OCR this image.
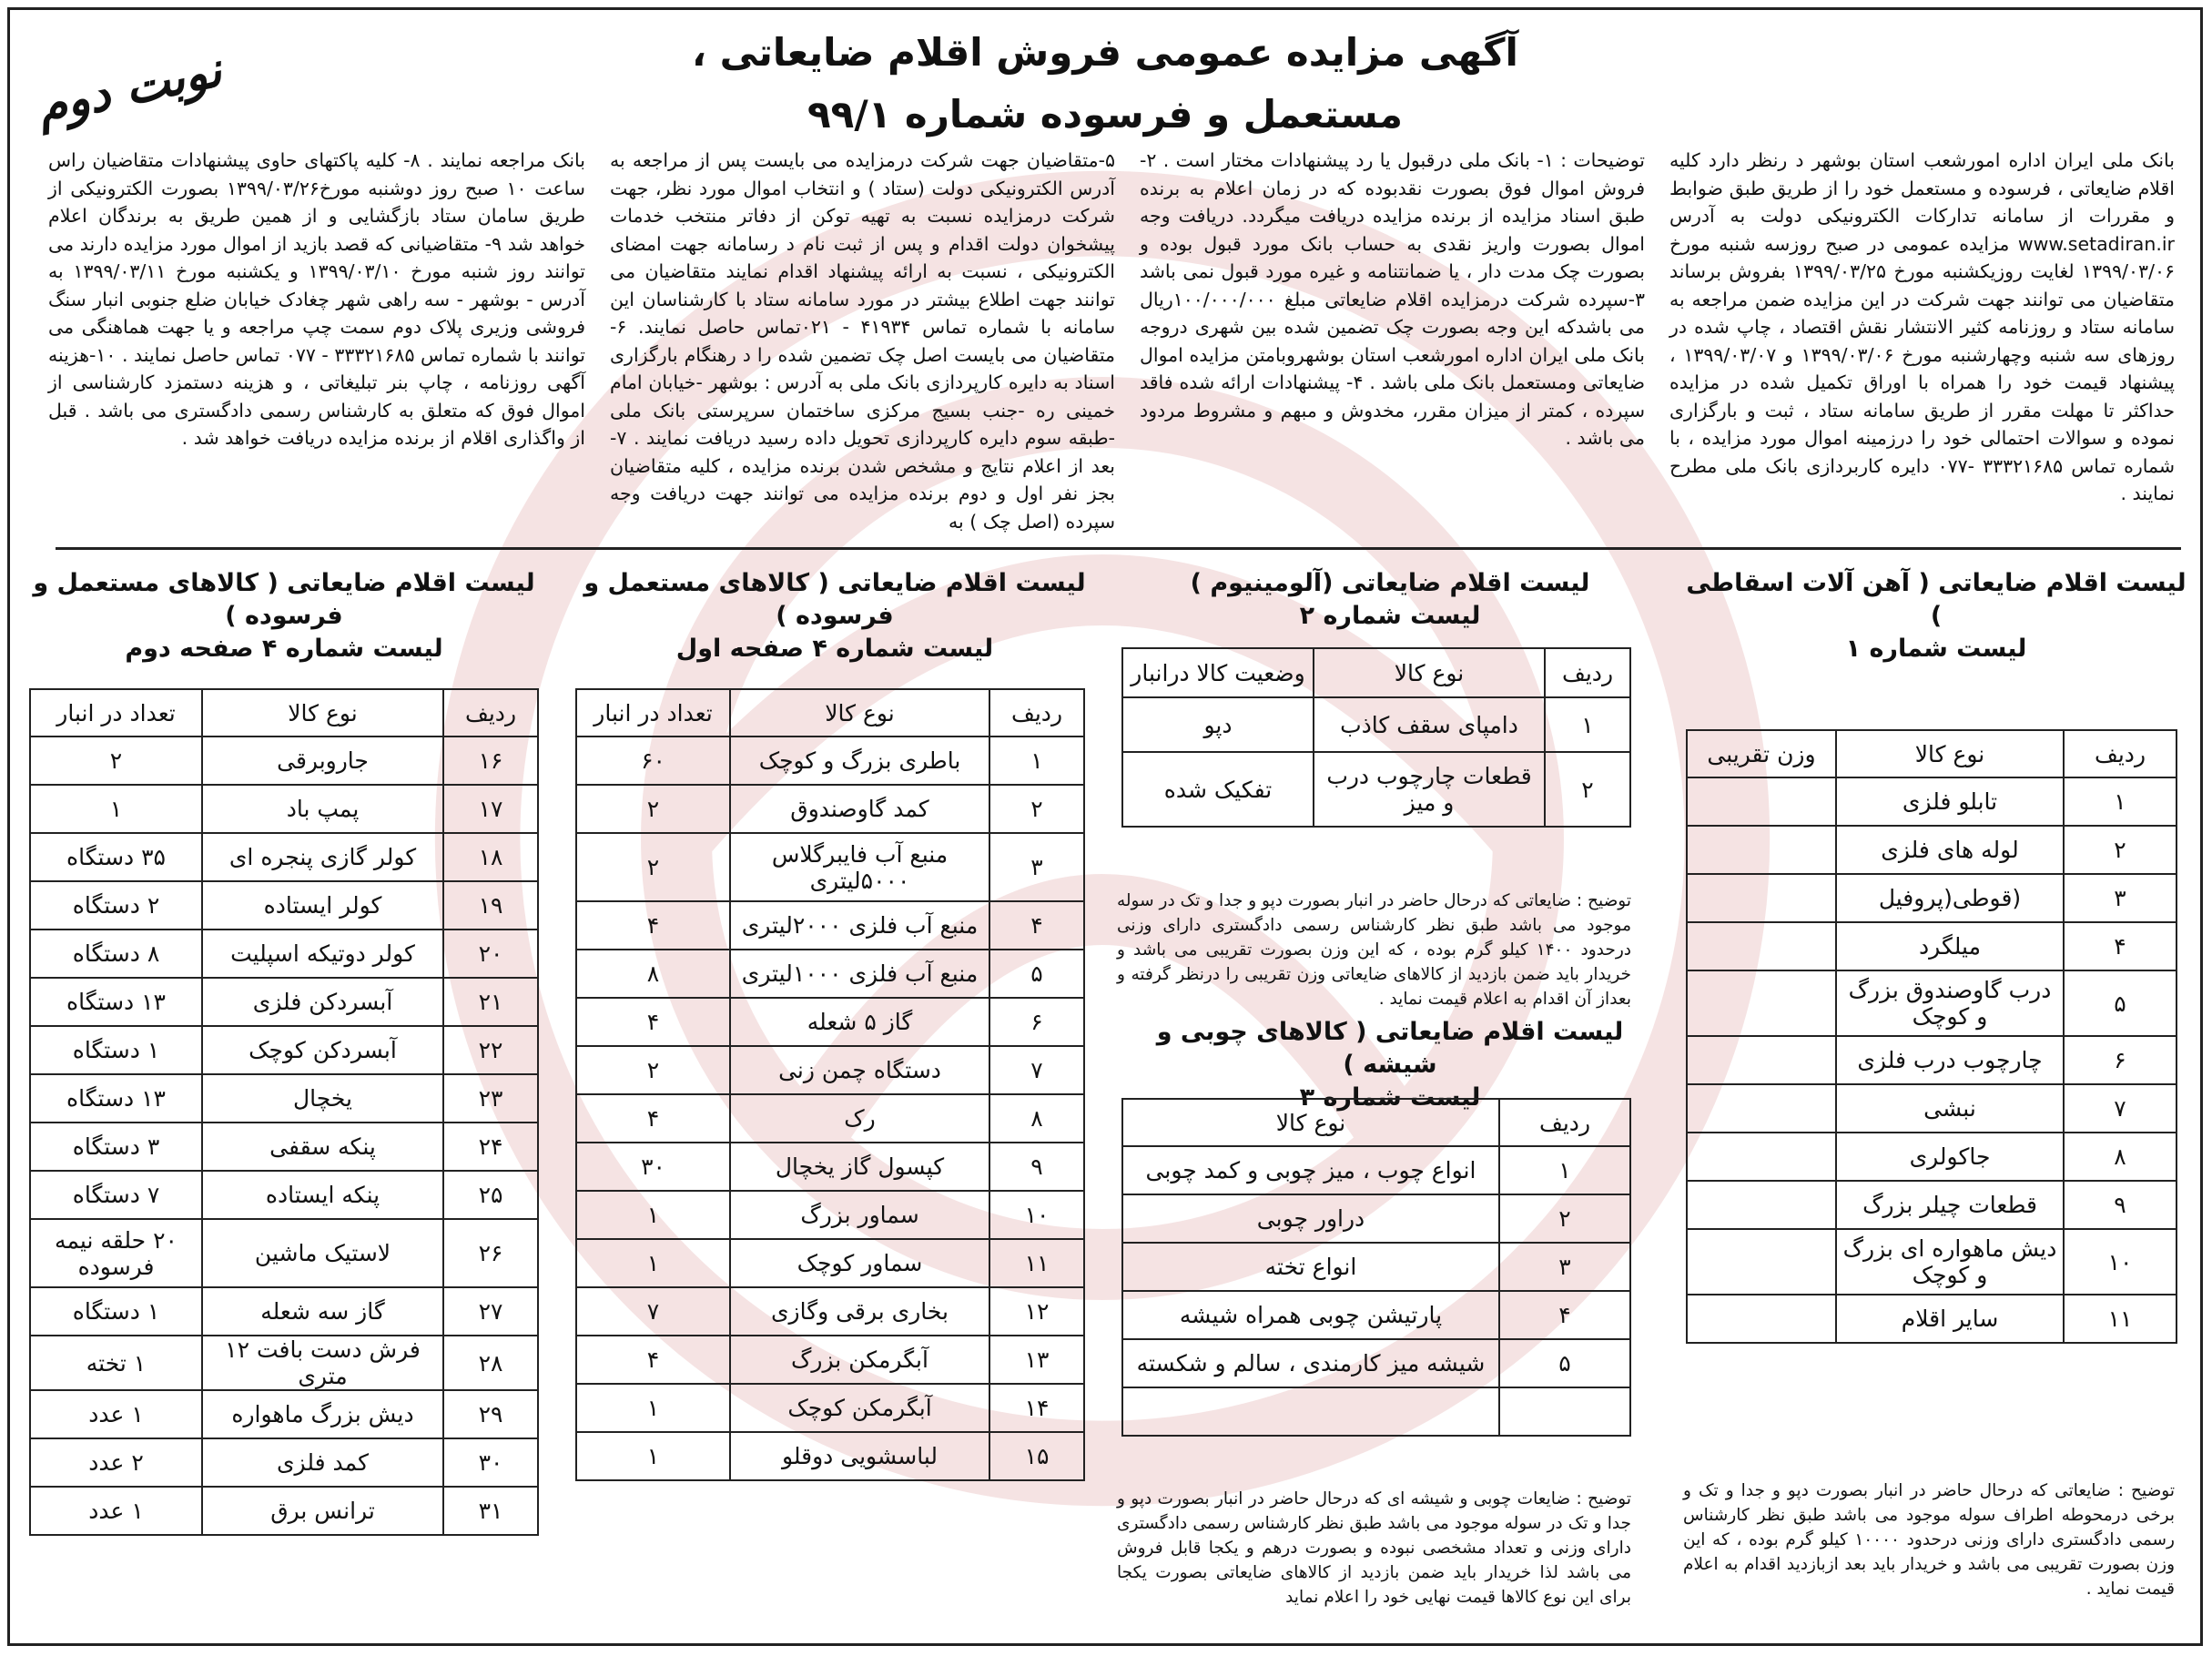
آگهی مزایده عمومی فروش اقلام ضایعاتی ،
مستعمل و فرسوده شماره ۹۹/۱
نوبت دوم

بانک ملی ایران اداره امورشعب استان بوشهر د رنظر دارد کلیه اقلام ضایعاتی ، فرسوده و مستعمل خود را از طریق طبق ضوابط و مقررات از سامانه تدارکات الکترونیکی دولت به آدرس www.setadiran.ir مزایده عمومی در صبح روزسه شنبه مورخ ۱۳۹۹/۰۳/۰۶ لغایت روزیکشنبه مورخ ۱۳۹۹/۰۳/۲۵ بفروش برساند متقاضیان می توانند جهت شرکت در این مزایده ضمن مراجعه به سامانه ستاد و روزنامه کثیر الانتشار نقش اقتصاد ، چاپ شده در روزهای سه شنبه وچهارشنبه مورخ ۱۳۹۹/۰۳/۰۶ و ۱۳۹۹/۰۳/۰۷ ، پیشنهاد قیمت خود را همراه با اوراق تکمیل شده در مزایده حداکثر تا مهلت مقرر از طریق سامانه ستاد ، ثبت و بارگزاری نموده و سوالات احتمالی خود را درزمینه اموال مورد مزایده ، با شماره تماس ۳۳۳۲۱۶۸۵ -۰۷۷ دایره کاربردازی بانک ملی مطرح نمایند .

توضیحات : ۱- بانک ملی درقبول یا رد پیشنهادات مختار است . ۲- فروش اموال فوق بصورت نقدبوده که در زمان اعلام به برنده طبق اسناد مزایده از برنده مزایده دریافت میگردد. دریافت وجه اموال بصورت واریز نقدی به حساب بانک مورد قبول بوده و بصورت چک مدت دار ، یا ضمانتنامه و غیره مورد قبول نمی باشد ۳-سپرده شرکت درمزایده اقلام ضایعاتی مبلغ ۱۰۰/۰۰۰/۰۰۰ریال می باشدکه این وجه بصورت چک تضمین شده بین شهری دروجه بانک ملی ایران اداره امورشعب استان بوشهروبامتن مزایده اموال ضایعاتی ومستعمل بانک ملی باشد . ۴- پیشنهادات ارائه شده فاقد سپرده ، کمتر از میزان مقرر، مخدوش و مبهم و مشروط مردود می باشد .

۵-متقاضیان جهت شرکت درمزایده می بایست پس از مراجعه به آدرس الکترونیکی دولت (ستاد ) و انتخاب اموال مورد نظر، جهت شرکت درمزایده نسبت به تهیه توکن از دفاتر منتخب خدمات پیشخوان دولت اقدام و پس از ثبت نام د رسامانه جهت امضای الکترونیکی ، نسبت به ارائه پیشنهاد اقدام نمایند متقاضیان می توانند جهت اطلاع بیشتر در مورد سامانه ستاد با کارشناسان این سامانه با شماره تماس ۴۱۹۳۴ - ۰۲۱تماس حاصل نمایند. ۶- متقاضیان می بایست اصل چک تضمین شده را د رهنگام بارگزاری اسناد به دایره کارپردازی بانک ملی به آدرس : بوشهر -خیابان امام خمینی ره -جنب بسیج مرکزی ساختمان سرپرستی بانک ملی -طبقه سوم دایره کارپردازی تحویل داده رسید دریافت نمایند . ۷- بعد از اعلام نتایج و مشخص شدن برنده مزایده ، کلیه متقاضیان بجز نفر اول و دوم برنده مزایده می توانند جهت دریافت وجه سپرده (اصل چک ) به

بانک مراجعه نمایند . ۸- کلیه پاکتهای حاوی پیشنهادات متقاضیان راس ساعت ۱۰ صبح روز دوشنبه مورخ۱۳۹۹/۰۳/۲۶ بصورت الکترونیکی از طریق سامان ستاد بازگشایی و از همین طریق به برندگان اعلام خواهد شد ۹- متقاضیانی که قصد بازید از اموال مورد مزایده دارند می توانند روز شنبه مورخ ۱۳۹۹/۰۳/۱۰ و یکشنبه مورخ ۱۳۹۹/۰۳/۱۱ به آدرس - بوشهر - سه راهی شهر چغادک خیابان ضلع جنوبی انبار سنگ فروشی وزیری پلاک دوم سمت چپ مراجعه و یا جهت هماهنگی می توانند با شماره تماس ۳۳۳۲۱۶۸۵ - ۰۷۷ تماس حاصل نمایند . ۱۰-هزینه آگهی روزنامه ، چاپ بنر تبلیغاتی ، و هزینه دستمزد کارشناسی از اموال فوق که متعلق به کارشناس رسمی دادگستری می باشد . قبل از واگذاری اقلام از برنده مزایده دریافت خواهد شد .

لیست اقلام ضایعاتی ( آهن آلات اسقاطی )
لیست شماره ۱
ردیف	نوع کالا	وزن تقریبی
۱	تابلو فلزی	
۲	لوله های فلزی	
۳	(قوطی(پروفیل	
۴	میلگرد	
۵	درب گاوصندوق بزرگ و کوچک	
۶	چارچوب درب فلزی	
۷	نبشی	
۸	جاکولری	
۹	قطعات چیلر بزرگ	
۱۰	دیش ماهواره ای بزرگ و کوچک	
۱۱	سایر اقلام	
توضیح : ضایعاتی که درحال حاضر در انبار بصورت دپو و جدا و تک و برخی درمحوطه اطراف سوله موجود می باشد طبق نظر کارشناس رسمی دادگستری دارای وزنی درحدود ۱۰۰۰۰ کیلو گرم بوده ، که این وزن بصورت تقریبی می باشد و خریدار باید بعد ازبازدید اقدام به اعلام قیمت نماید .
لیست اقلام ضایعاتی (آلومینیوم )
لیست شماره ۲
ردیف	نوع کالا	وضعیت کالا درانبار
۱	دامپای سقف کاذب	دپو
۲	قطعات چارچوب درب و میز	تفکیک شده
توضیح : ضایعاتی که درحال حاضر در انبار بصورت دپو و جدا و تک در سوله موجود می باشد طبق نظر کارشناس رسمی دادگستری دارای وزنی درحدود ۱۴۰۰ کیلو گرم بوده ، که این وزن بصورت تقریبی می باشد و خریدار باید ضمن بازدید از کالاهای ضایعاتی وزن تقریبی را درنظر گرفته و بعداز آن اقدام به اعلام قیمت نماید .
لیست اقلام ضایعاتی ( کالاهای چوبی و شیشه )
لیست شماره ۳
ردیف	نوع کالا
۱	انواع چوب ، میز چوبی و کمد چوبی
۲	دراور چوبی
۳	انواع تخته
۴	پارتیشن چوبی همراه شیشه
۵	شیشه میز کارمندی ، سالم و شکسته

توضیح : ضایعات چوبی و شیشه ای که درحال حاضر در انبار بصورت دپو و جدا و تک در سوله موجود می باشد طبق نظر کارشناس رسمی دادگستری دارای وزنی و تعداد مشخصی نبوده و بصورت درهم و یکجا قابل فروش می باشد لذا خریدار باید ضمن بازدید از کالاهای ضایعاتی بصورت یکجا برای این نوع کالاها قیمت نهایی خود را اعلام نماید
لیست اقلام ضایعاتی ( کالاهای مستعمل و فرسوده )
لیست شماره ۴ صفحه اول
ردیف	نوع کالا	تعداد در انبار
۱	باطری بزرگ و کوچک	۶۰
۲	کمد گاوصندوق	۲
۳	منبع آب فایبرگلاس ۵۰۰۰لیتری	۲
۴	منبع آب فلزی ۲۰۰۰لیتری	۴
۵	منبع آب فلزی ۱۰۰۰لیتری	۸
۶	گاز ۵ شعله	۴
۷	دستگاه چمن زنی	۲
۸	رک	۴
۹	کپسول گاز یخچال	۳۰
۱۰	سماور بزرگ	۱
۱۱	سماور کوچک	۱
۱۲	بخاری برقی وگازی	۷
۱۳	آبگرمکن بزرگ	۴
۱۴	آبگرمکن کوچک	۱
۱۵	لباسشویی دوقلو	۱
لیست اقلام ضایعاتی ( کالاهای مستعمل و فرسوده )
لیست شماره ۴ صفحه دوم
ردیف	نوع کالا	تعداد در انبار
۱۶	جاروبرقی	۲
۱۷	پمپ باد	۱
۱۸	کولر گازی پنجره ای	۳۵ دستگاه
۱۹	کولر ایستاده	۲ دستگاه
۲۰	کولر دوتیکه اسپلیت	۸ دستگاه
۲۱	آبسردکن فلزی	۱۳ دستگاه
۲۲	آبسردکن کوچک	۱ دستگاه
۲۳	یخچال	۱۳ دستگاه
۲۴	پنکه سقفی	۳ دستگاه
۲۵	پنکه ایستاده	۷ دستگاه
۲۶	لاستیک ماشین	۲۰ حلقه نیمه فرسوده
۲۷	گاز سه شعله	۱ دستگاه
۲۸	فرش دست بافت ۱۲ متری	۱ تخته
۲۹	دیش بزرگ ماهواره	۱ عدد
۳۰	کمد فلزی	۲ عدد
۳۱	ترانس برق	۱ عدد
